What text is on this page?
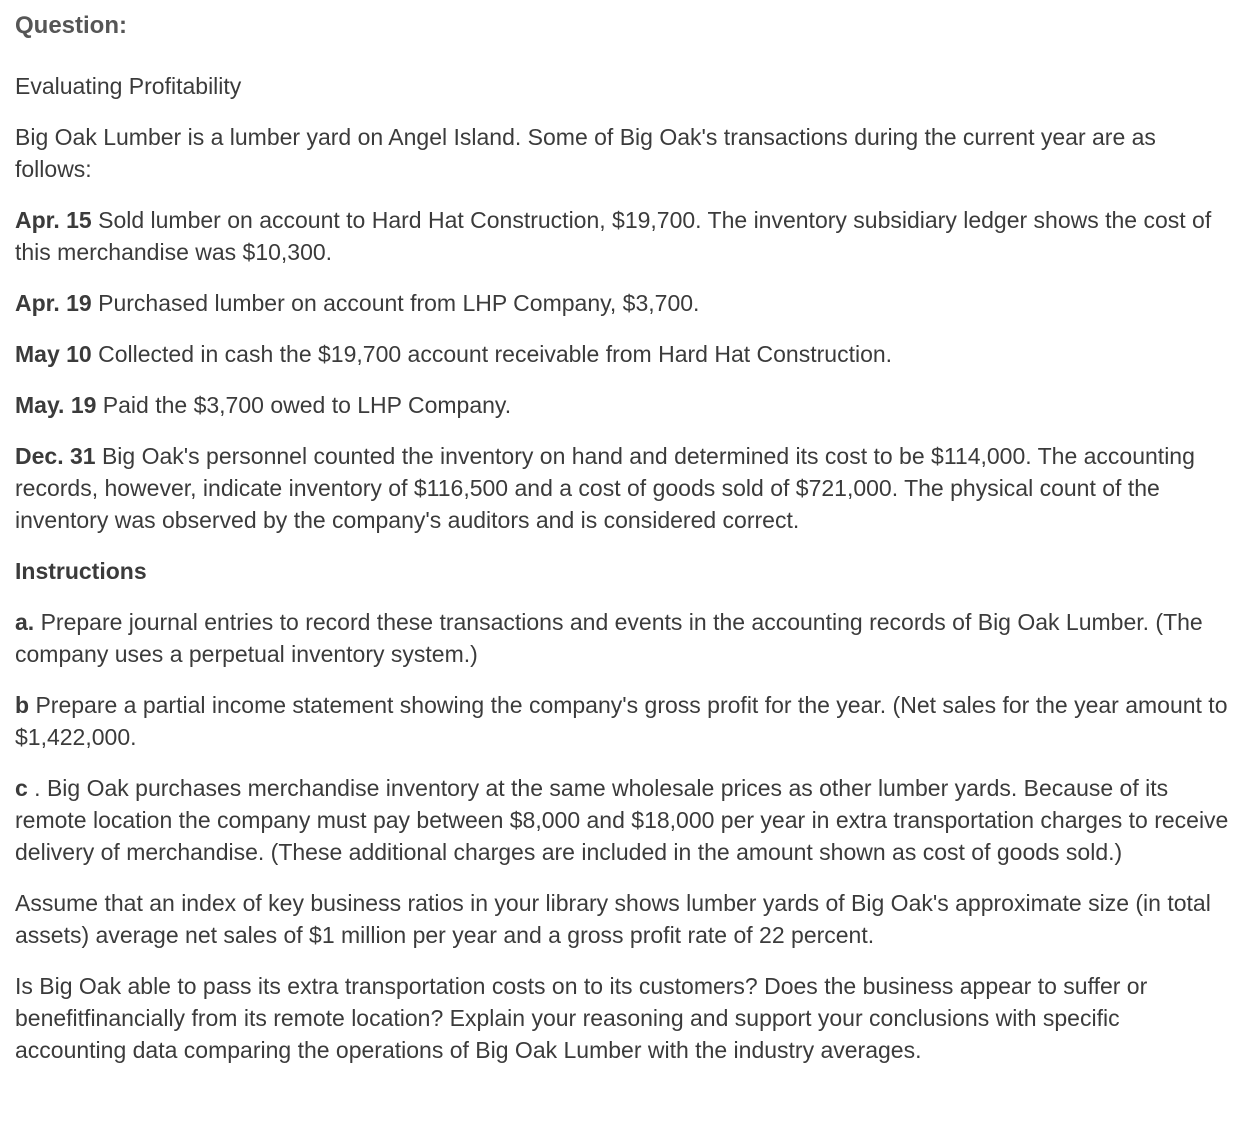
Question:

Evaluating Profitability

Big Oak Lumber is a lumber yard on Angel Island. Some of Big Oak's transactions during the current year are as follows:

Apr. 15 Sold lumber on account to Hard Hat Construction, $19,700. The inventory subsidiary ledger shows the cost of this merchandise was $10,300.

Apr. 19 Purchased lumber on account from LHP Company, $3,700.

May 10 Collected in cash the $19,700 account receivable from Hard Hat Construction.

May. 19 Paid the $3,700 owed to LHP Company.

Dec. 31 Big Oak's personnel counted the inventory on hand and determined its cost to be $114,000. The accounting records, however, indicate inventory of $116,500 and a cost of goods sold of $721,000. The physical count of the inventory was observed by the company's auditors and is considered correct.

Instructions

a. Prepare journal entries to record these transactions and events in the accounting records of Big Oak Lumber. (The company uses a perpetual inventory system.)

b Prepare a partial income statement showing the company's gross profit for the year. (Net sales for the year amount to $1,422,000.

c . Big Oak purchases merchandise inventory at the same wholesale prices as other lumber yards. Because of its remote location the company must pay between $8,000 and $18,000 per year in extra transportation charges to receive delivery of merchandise. (These additional charges are included in the amount shown as cost of goods sold.)

Assume that an index of key business ratios in your library shows lumber yards of Big Oak's approximate size (in total assets) average net sales of $1 million per year and a gross profit rate of 22 percent.

Is Big Oak able to pass its extra transportation costs on to its customers? Does the business appear to suffer or benefitfinancially from its remote location? Explain your reasoning and support your conclusions with specific accounting data comparing the operations of Big Oak Lumber with the industry averages.
